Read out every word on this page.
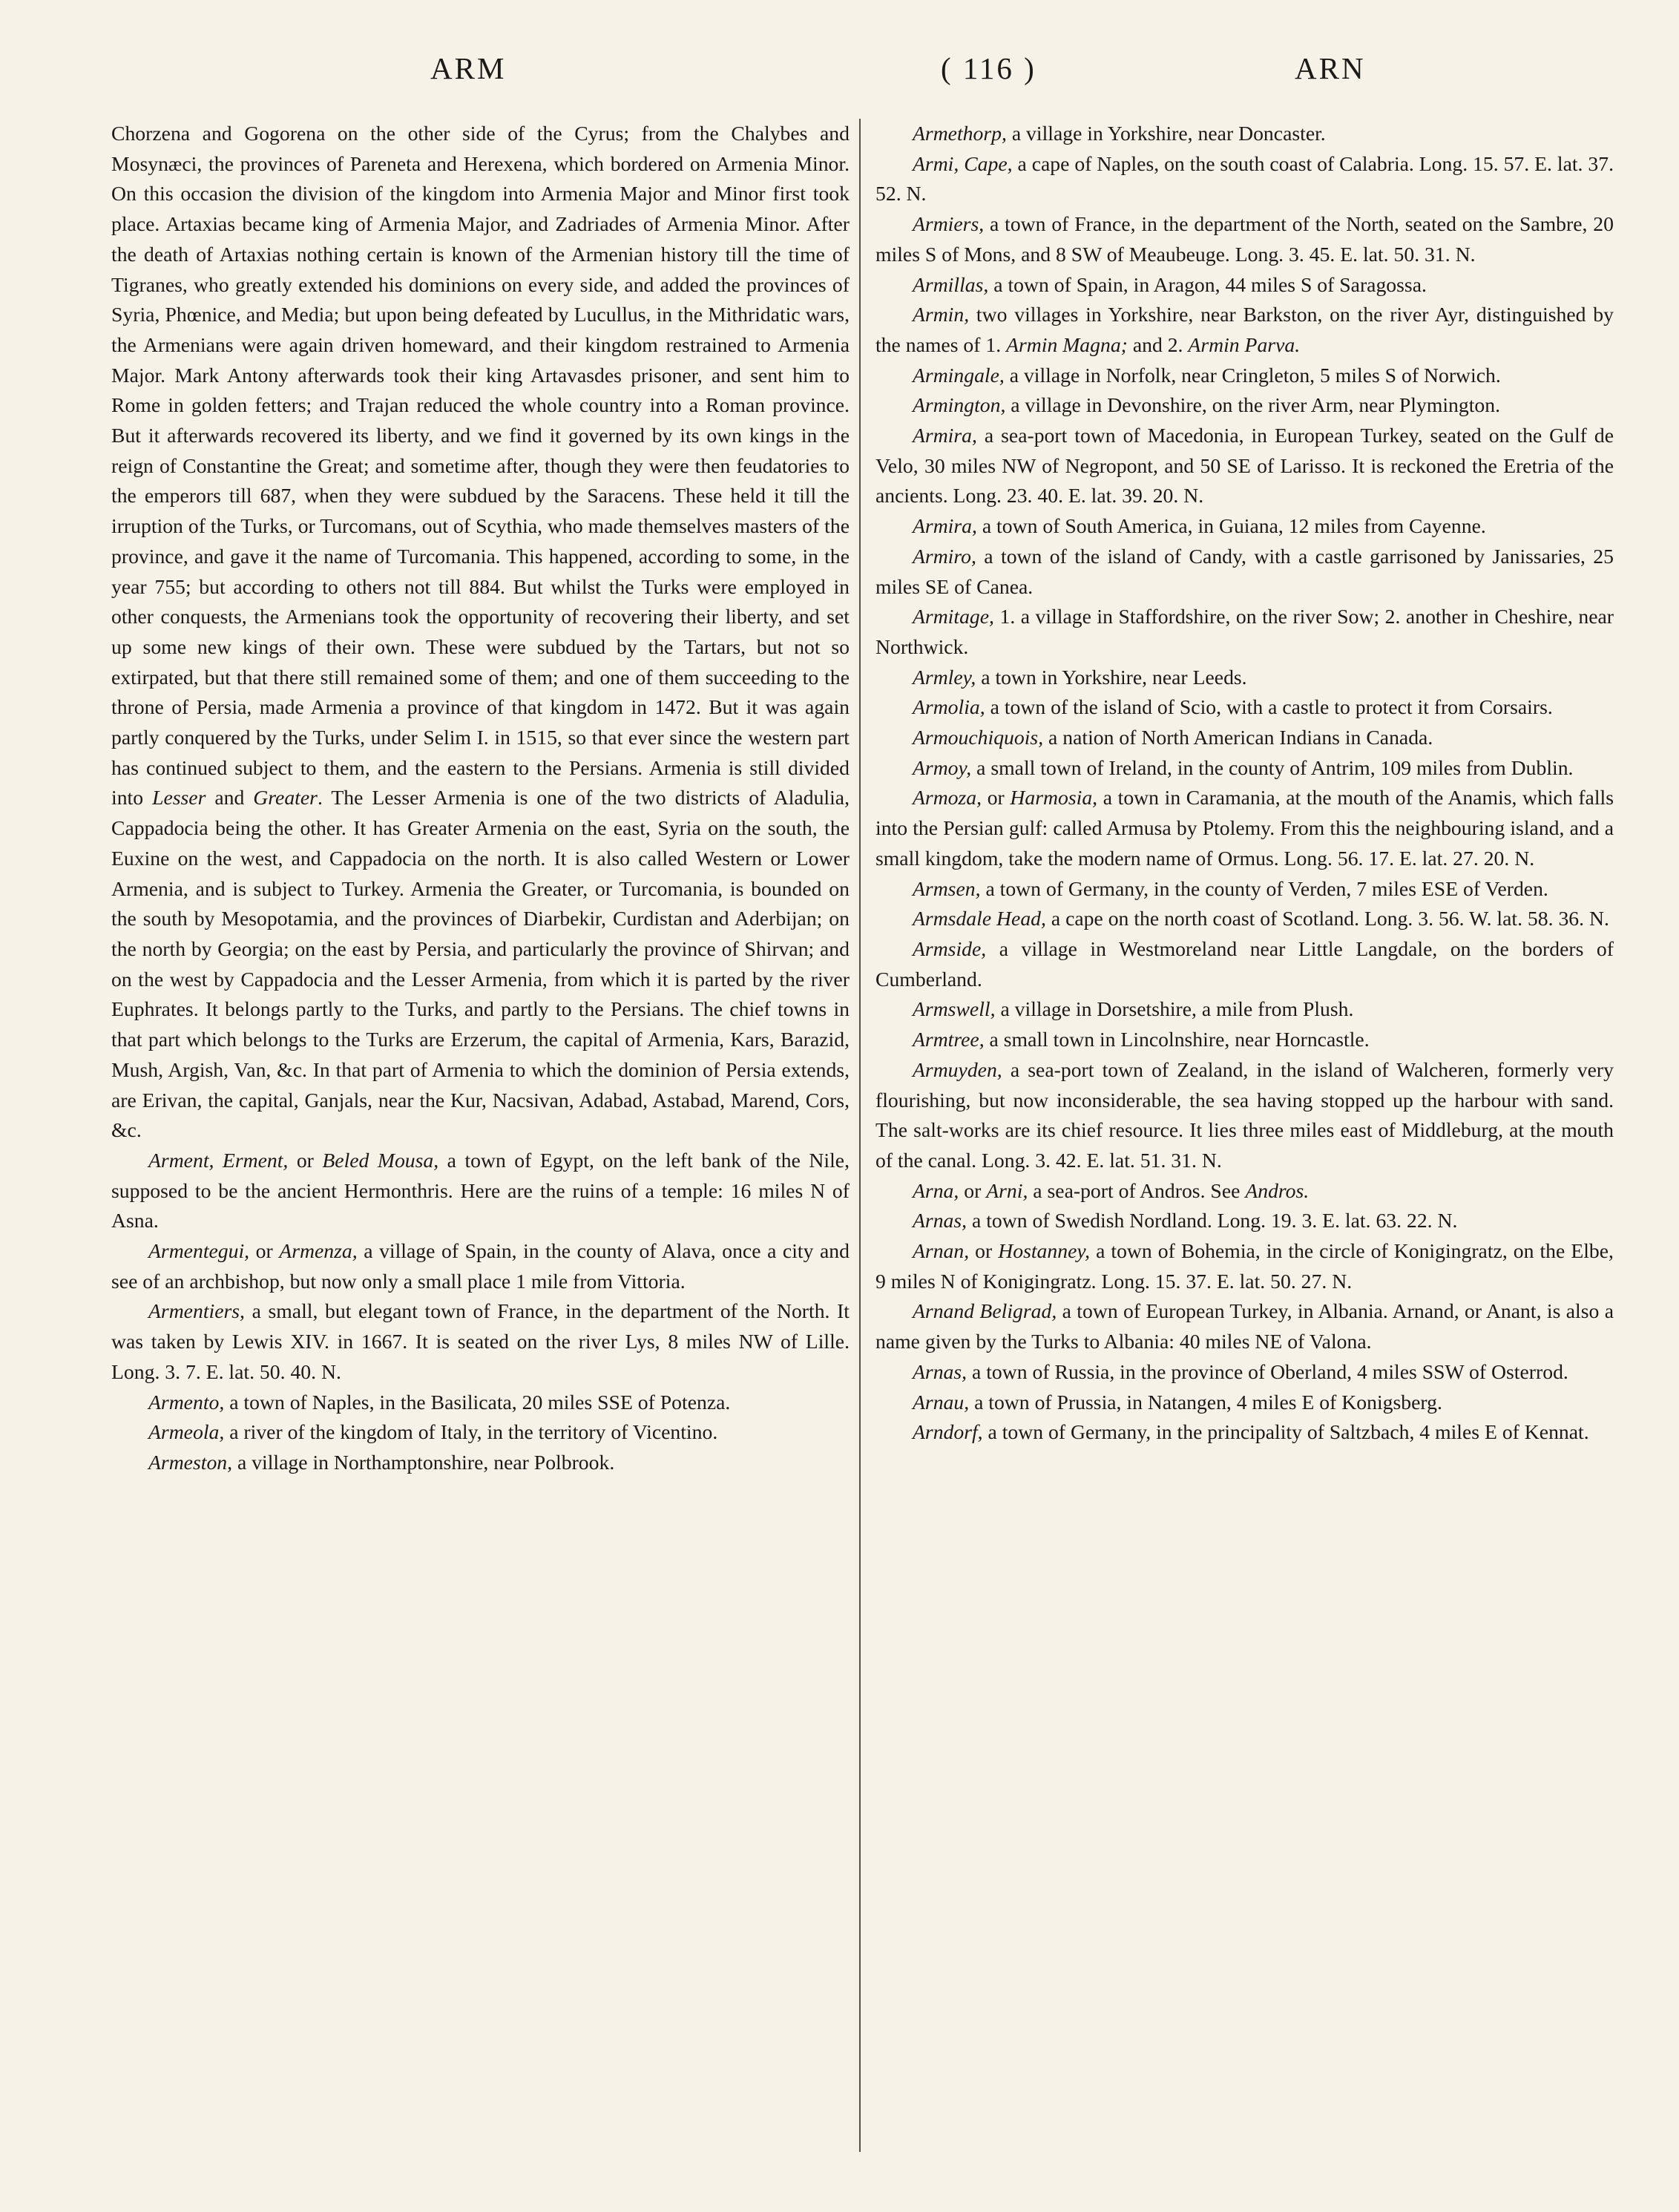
ARM	( 116 )	ARN

Chorzena and Gogorena on the other side of the Cyrus; from the Chalybes and Mosynæci, the provinces of Pareneta and Herexena, which bordered on Armenia Minor. On this occasion the division of the kingdom into Armenia Major and Minor first took place. Artaxias became king of Armenia Major, and Zadriades of Armenia Minor. After the death of Artaxias nothing certain is known of the Armenian history till the time of Tigranes, who greatly extended his dominions on every side, and added the provinces of Syria, Phœnice, and Media; but upon being defeated by Lucullus, in the Mithridatic wars, the Armenians were again driven homeward, and their kingdom restrained to Armenia Major. Mark Antony afterwards took their king Artavasdes prisoner, and sent him to Rome in golden fetters; and Trajan reduced the whole country into a Roman province. But it afterwards recovered its liberty, and we find it governed by its own kings in the reign of Constantine the Great; and sometime after, though they were then feudatories to the emperors till 687, when they were subdued by the Saracens. These held it till the irruption of the Turks, or Turcomans, out of Scythia, who made themselves masters of the province, and gave it the name of Turcomania. This happened, according to some, in the year 755; but according to others not till 884. But whilst the Turks were employed in other conquests, the Armenians took the opportunity of recovering their liberty, and set up some new kings of their own. These were subdued by the Tartars, but not so extirpated, but that there still remained some of them; and one of them succeeding to the throne of Persia, made Armenia a province of that kingdom in 1472. But it was again partly conquered by the Turks, under Selim I. in 1515, so that ever since the western part has continued subject to them, and the eastern to the Persians. Armenia is still divided into Lesser and Greater. The Lesser Armenia is one of the two districts of Aladulia, Cappadocia being the other. It has Greater Armenia on the east, Syria on the south, the Euxine on the west, and Cappadocia on the north. It is also called Western or Lower Armenia, and is subject to Turkey. Armenia the Greater, or Turcomania, is bounded on the south by Mesopotamia, and the provinces of Diarbekir, Curdistan and Aderbijan; on the north by Georgia; on the east by Persia, and particularly the province of Shirvan; and on the west by Cappadocia and the Lesser Armenia, from which it is parted by the river Euphrates. It belongs partly to the Turks, and partly to the Persians. The chief towns in that part which belongs to the Turks are Erzerum, the capital of Armenia, Kars, Barazid, Mush, Argish, Van, &c. In that part of Armenia to which the dominion of Persia extends, are Erivan, the capital, Ganjals, near the Kur, Nacsivan, Adabad, Astabad, Marend, Cors, &c.

Arment, Erment, or Beled Mousa, a town of Egypt, on the left bank of the Nile, supposed to be the ancient Hermonthris. Here are the ruins of a temple: 16 miles N of Asna.

Armentegui, or Armenza, a village of Spain, in the county of Alava, once a city and see of an archbishop, but now only a small place 1 mile from Vittoria.

Armentiers, a small, but elegant town of France, in the department of the North. It was taken by Lewis XIV. in 1667. It is seated on the river Lys, 8 miles NW of Lille. Long. 3. 7. E. lat. 50. 40. N.

Armento, a town of Naples, in the Basilicata, 20 miles SSE of Potenza.

Armeola, a river of the kingdom of Italy, in the territory of Vicentino.

Armeston, a village in Northamptonshire, near Polbrook.

Armethorp, a village in Yorkshire, near Doncaster.

Armi, Cape, a cape of Naples, on the south coast of Calabria. Long. 15. 57. E. lat. 37. 52. N.

Armiers, a town of France, in the department of the North, seated on the Sambre, 20 miles S of Mons, and 8 SW of Meaubeuge. Long. 3. 45. E. lat. 50. 31. N.

Armillas, a town of Spain, in Aragon, 44 miles S of Saragossa.

Armin, two villages in Yorkshire, near Barkston, on the river Ayr, distinguished by the names of 1. Armin Magna; and 2. Armin Parva.

Armingale, a village in Norfolk, near Cringleton, 5 miles S of Norwich.

Armington, a village in Devonshire, on the river Arm, near Plymington.

Armira, a sea-port town of Macedonia, in European Turkey, seated on the Gulf de Velo, 30 miles NW of Negropont, and 50 SE of Larisso. It is reckoned the Eretria of the ancients. Long. 23. 40. E. lat. 39. 20. N.

Armira, a town of South America, in Guiana, 12 miles from Cayenne.

Armiro, a town of the island of Candy, with a castle garrisoned by Janissaries, 25 miles SE of Canea.

Armitage, 1. a village in Staffordshire, on the river Sow; 2. another in Cheshire, near Northwick.

Armley, a town in Yorkshire, near Leeds.

Armolia, a town of the island of Scio, with a castle to protect it from Corsairs.

Armouchiquois, a nation of North American Indians in Canada.

Armoy, a small town of Ireland, in the county of Antrim, 109 miles from Dublin.

Armoza, or Harmosia, a town in Caramania, at the mouth of the Anamis, which falls into the Persian gulf: called Armusa by Ptolemy. From this the neighbouring island, and a small kingdom, take the modern name of Ormus. Long. 56. 17. E. lat. 27. 20. N.

Armsen, a town of Germany, in the county of Verden, 7 miles ESE of Verden.

Armsdale Head, a cape on the north coast of Scotland. Long. 3. 56. W. lat. 58. 36. N.

Armside, a village in Westmoreland near Little Langdale, on the borders of Cumberland.

Armswell, a village in Dorsetshire, a mile from Plush.

Armtree, a small town in Lincolnshire, near Horncastle.

Armuyden, a sea-port town of Zealand, in the island of Walcheren, formerly very flourishing, but now inconsiderable, the sea having stopped up the harbour with sand. The salt-works are its chief resource. It lies three miles east of Middleburg, at the mouth of the canal. Long. 3. 42. E. lat. 51. 31. N.

Arna, or Arni, a sea-port of Andros. See Andros.

Arnas, a town of Swedish Nordland. Long. 19. 3. E. lat. 63. 22. N.

Arnan, or Hostanney, a town of Bohemia, in the circle of Konigingratz, on the Elbe, 9 miles N of Konigingratz. Long. 15. 37. E. lat. 50. 27. N.

Arnand Beligrad, a town of European Turkey, in Albania. Arnand, or Anant, is also a name given by the Turks to Albania: 40 miles NE of Valona.

Arnas, a town of Russia, in the province of Oberland, 4 miles SSW of Osterrod.

Arnau, a town of Prussia, in Natangen, 4 miles E of Konigsberg.

Arndorf, a town of Germany, in the principality of Saltzbach, 4 miles E of Kennat.
